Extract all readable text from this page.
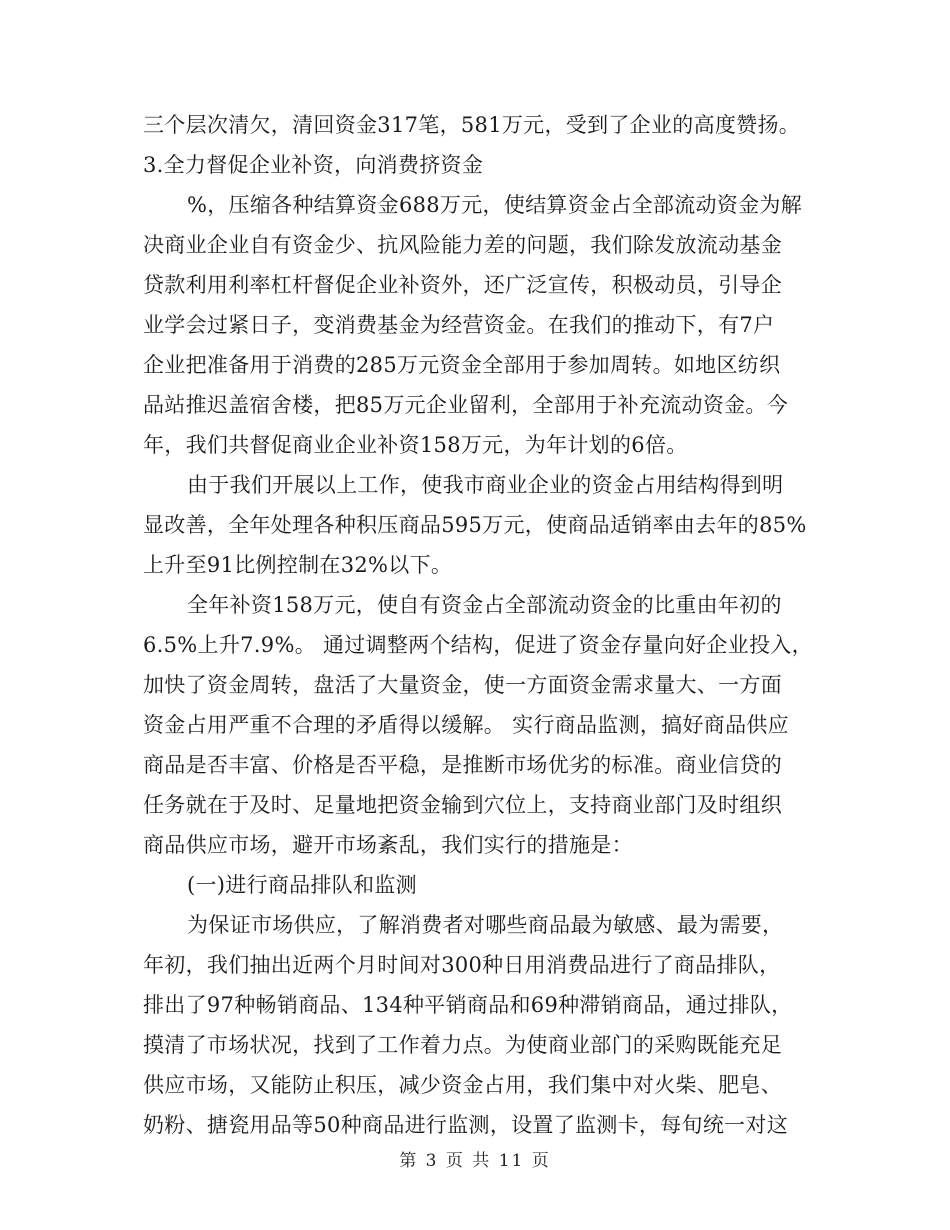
三个层次清欠，清回资金317笔，581万元，受到了企业的高度赞扬。
3.全力督促企业补资，向消费挤资金
%，压缩各种结算资金688万元，使结算资金占全部流动资金为解
决商业企业自有资金少、抗风险能力差的问题，我们除发放流动基金
贷款利用利率杠杆督促企业补资外，还广泛宣传，积极动员，引导企
业学会过紧日子，变消费基金为经营资金。在我们的推动下，有7户
企业把准备用于消费的285万元资金全部用于参加周转。如地区纺织
品站推迟盖宿舍楼，把85万元企业留利，全部用于补充流动资金。今
年，我们共督促商业企业补资158万元，为年计划的6倍。
由于我们开展以上工作，使我市商业企业的资金占用结构得到明
显改善，全年处理各种积压商品595万元，使商品适销率由去年的85%
上升至91比例控制在32%以下。
全年补资158万元，使自有资金占全部流动资金的比重由年初的
6.5%上升7.9%。 通过调整两个结构，促进了资金存量向好企业投入，
加快了资金周转，盘活了大量资金，使一方面资金需求量大、一方面
资金占用严重不合理的矛盾得以缓解。 实行商品监测，搞好商品供应
商品是否丰富、价格是否平稳，是推断市场优劣的标准。商业信贷的
任务就在于及时、足量地把资金输到穴位上，支持商业部门及时组织
商品供应市场，避开市场紊乱，我们实行的措施是：
(一)进行商品排队和监测
为保证市场供应，了解消费者对哪些商品最为敏感、最为需要，
年初，我们抽出近两个月时间对300种日用消费品进行了商品排队，
排出了97种畅销商品、134种平销商品和69种滞销商品，通过排队，
摸清了市场状况，找到了工作着力点。为使商业部门的采购既能充足
供应市场，又能防止积压，减少资金占用，我们集中对火柴、肥皂、
奶粉、搪瓷用品等50种商品进行监测，设置了监测卡，每旬统一对这
第 3 页 共 11 页
